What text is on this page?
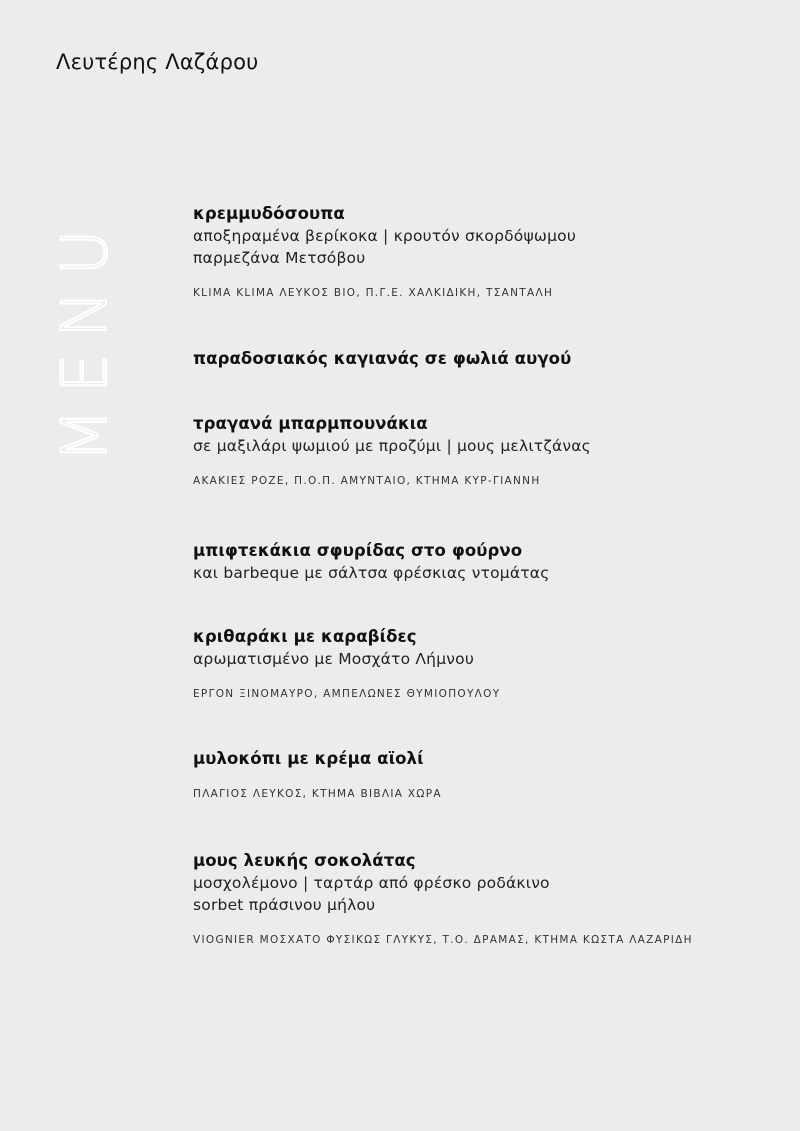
Λευτέρης Λαζάρου
MENU
κρεμμυδόσουπα
αποξηραμένα βερίκοκα | κρουτόν σκορδόψωμου
παρμεζάνα Μετσόβου
KLIMA KLIMA ΛΕΥΚΟΣ ΒΙΟ, Π.Γ.Ε. ΧΑΛΚΙΔΙΚΗ, ΤΣΑΝΤΑΛΗ
παραδοσιακός καγιανάς σε φωλιά αυγού
τραγανά μπαρμπουνάκια
σε μαξιλάρι ψωμιού με προζύμι | μους μελιτζάνας
ΑΚΑΚΙΕΣ ΡΟΖΕ, Π.Ο.Π. ΑΜΥΝΤΑΙΟ, ΚΤΗΜΑ ΚΥΡ-ΓΙΑΝΝΗ
μπιφτεκάκια σφυρίδας στο φούρνο
και barbeque με σάλτσα φρέσκιας ντομάτας
κριθαράκι με καραβίδες
αρωματισμένο με Μοσχάτο Λήμνου
ΕΡΓΟΝ ΞΙΝΟΜΑΥΡΟ, ΑΜΠΕΛΩΝΕΣ ΘΥΜΙΟΠΟΥΛΟΥ
μυλοκόπι με κρέμα αϊολί
ΠΛΑΓΙΟΣ ΛΕΥΚΟΣ, ΚΤΗΜΑ ΒΙΒΛΙΑ ΧΩΡΑ
μους λευκής σοκολάτας
μοσχολέμονο | ταρτάρ από φρέσκο ροδάκινο
sorbet πράσινου μήλου
VIOGNIER ΜΟΣΧΑΤΟ ΦΥΣΙΚΩΣ ΓΛΥΚΥΣ, Τ.Ο. ΔΡΑΜΑΣ, ΚΤΗΜΑ ΚΩΣΤΑ ΛΑΖΑΡΙΔΗ
